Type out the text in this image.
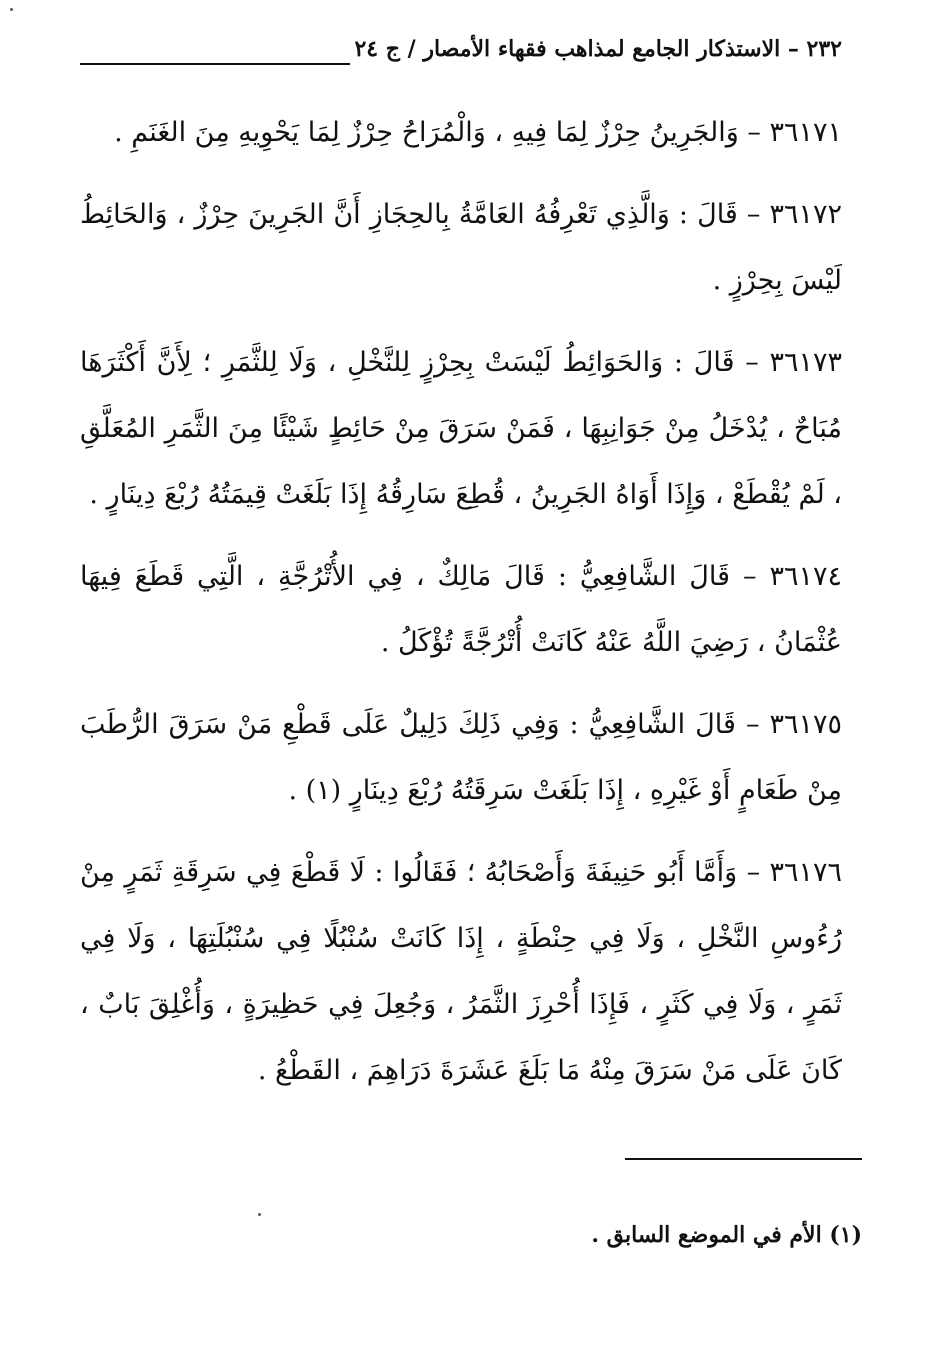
٢٣٢ – الاستذكار الجامع لمذاهب فقهاء الأمصار / ج ٢٤

٣٦١٧١ – وَالجَرِينُ حِرْزٌ لِمَا فِيهِ ، وَالْمُرَاحُ حِرْزٌ لِمَا يَحْوِيهِ مِنَ الغَنَمِ .

٣٦١٧٢ – قَالَ : وَالَّذِي تَعْرِفُهُ العَامَّةُ بِالحِجَازِ أَنَّ الجَرِينَ حِرْزٌ ، وَالحَائِطُ لَيْسَ بِحِرْزٍ .

٣٦١٧٣ – قَالَ : وَالحَوَائِطُ لَيْسَتْ بِحِرْزٍ لِلنَّخْلِ ، وَلَا لِلثَّمَرِ ؛ لِأَنَّ أَكْثَرَهَا مُبَاحٌ ، يُدْخَلُ مِنْ جَوَانِبِهَا ، فَمَنْ سَرَقَ مِنْ حَائِطٍ شَيْئًا مِنَ الثَّمَرِ المُعَلَّقِ ، لَمْ يُقْطَعْ ، وَإِذَا أَوَاهُ الجَرِينُ ، قُطِعَ سَارِقُهُ إِذَا بَلَغَتْ قِيمَتُهُ رُبْعَ دِينَارٍ .

٣٦١٧٤ – قَالَ الشَّافِعِيُّ : قَالَ مَالِكٌ ، فِي الأُتْرُجَّةِ ، الَّتِي قَطَعَ فِيهَا عُثْمَانُ ، رَضِيَ اللَّهُ عَنْهُ كَانَتْ أُتْرُجَّةً تُؤْكَلُ .

٣٦١٧٥ – قَالَ الشَّافِعِيُّ : وَفِي ذَلِكَ دَلِيلٌ عَلَى قَطْعِ مَنْ سَرَقَ الرُّطَبَ مِنْ طَعَامٍ أَوْ غَيْرِهِ ، إِذَا بَلَغَتْ سَرِقَتُهُ رُبْعَ دِينَارٍ (١) .

٣٦١٧٦ – وَأَمَّا أَبُو حَنِيفَةَ وَأَصْحَابُهُ ؛ فَقَالُوا : لَا قَطْعَ فِي سَرِقَةِ ثَمَرٍ مِنْ رُءُوسِ النَّخْلِ ، وَلَا فِي حِنْطَةٍ ، إِذَا كَانَتْ سُنْبُلًا فِي سُنْبُلَتِهَا ، وَلَا فِي ثَمَرٍ ، وَلَا فِي كَثَرٍ ، فَإِذَا أُحْرِزَ الثَّمَرُ ، وَجُعِلَ فِي حَظِيرَةٍ ، وَأُغْلِقَ بَابٌ ، كَانَ عَلَى مَنْ سَرَقَ مِنْهُ مَا بَلَغَ عَشَرَةَ دَرَاهِمَ ، القَطْعُ .

(١) الأم في الموضع السابق .
